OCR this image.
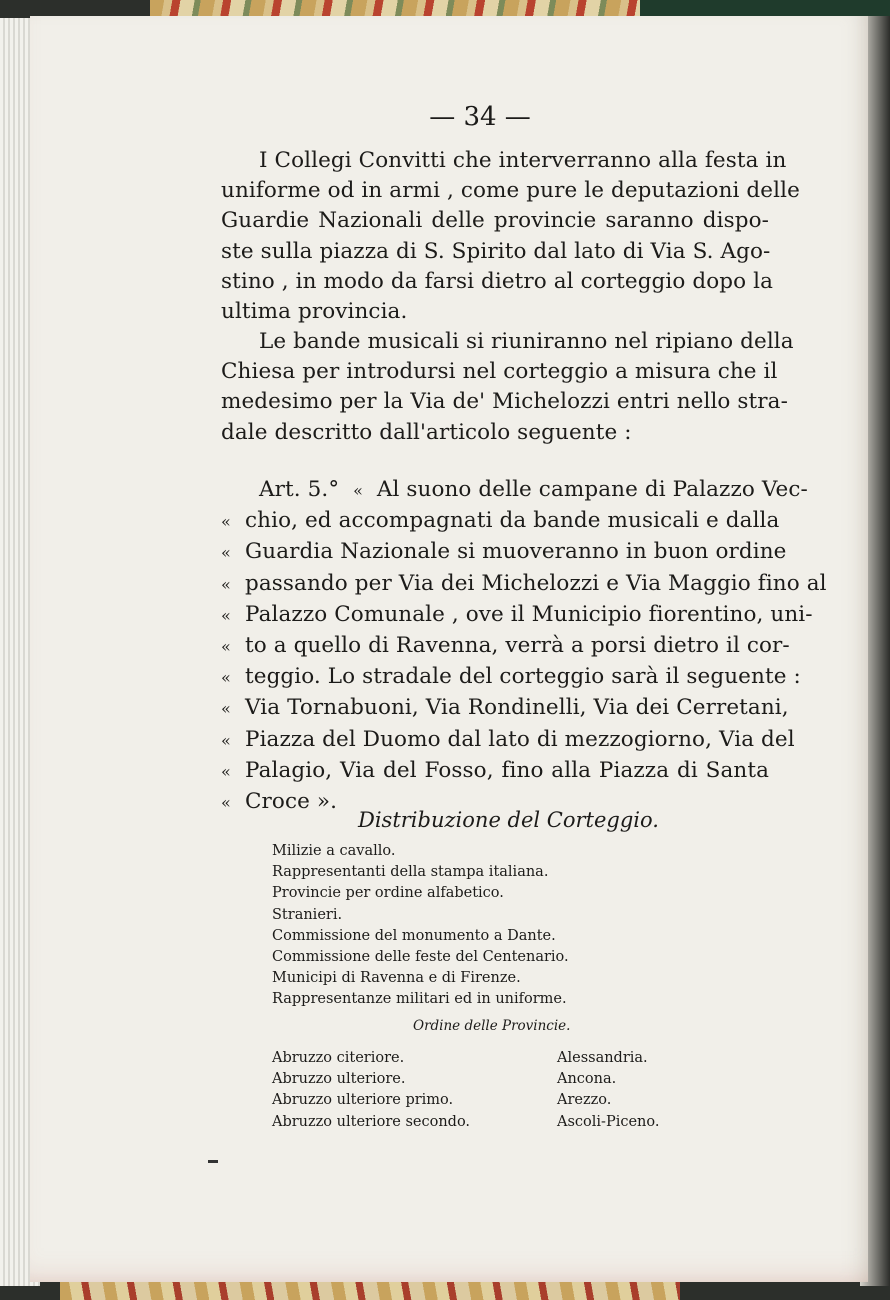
— 34 —
I Collegi Convitti che interverranno alla festa in
uniforme od in armi , come pure le deputazioni delle
Guardie Nazionali delle provincie saranno dispo-
ste sulla piazza di S. Spirito dal lato di Via S. Ago-
stino , in modo da farsi dietro al corteggio dopo la
ultima provincia.
Le bande musicali si riuniranno nel ripiano della
Chiesa per introdursi nel corteggio a misura che il
medesimo per la Via de' Michelozzi entri nello stra-
dale descritto dall'articolo seguente :
Art. 5.° « Al suono delle campane di Palazzo Vec-
« chio, ed accompagnati da bande musicali e dalla
« Guardia Nazionale si muoveranno in buon ordine
« passando per Via dei Michelozzi e Via Maggio fino al
« Palazzo Comunale , ove il Municipio fiorentino, uni-
« to a quello di Ravenna, verrà a porsi dietro il cor-
« teggio. Lo stradale del corteggio sarà il seguente :
« Via Tornabuoni, Via Rondinelli, Via dei Cerretani,
« Piazza del Duomo dal lato di mezzogiorno, Via del
« Palagio, Via del Fosso, fino alla Piazza di Santa
« Croce ».
Distribuzione del Corteggio.
Milizie a cavallo.
Rappresentanti della stampa italiana.
Provincie per ordine alfabetico.
Stranieri.
Commissione del monumento a Dante.
Commissione delle feste del Centenario.
Municipi di Ravenna e di Firenze.
Rappresentanze militari ed in uniforme.
Ordine delle Provincie.
Abruzzo citeriore.
Abruzzo ulteriore.
Abruzzo ulteriore primo.
Abruzzo ulteriore secondo.
Alessandria.
Ancona.
Arezzo.
Ascoli-Piceno.
